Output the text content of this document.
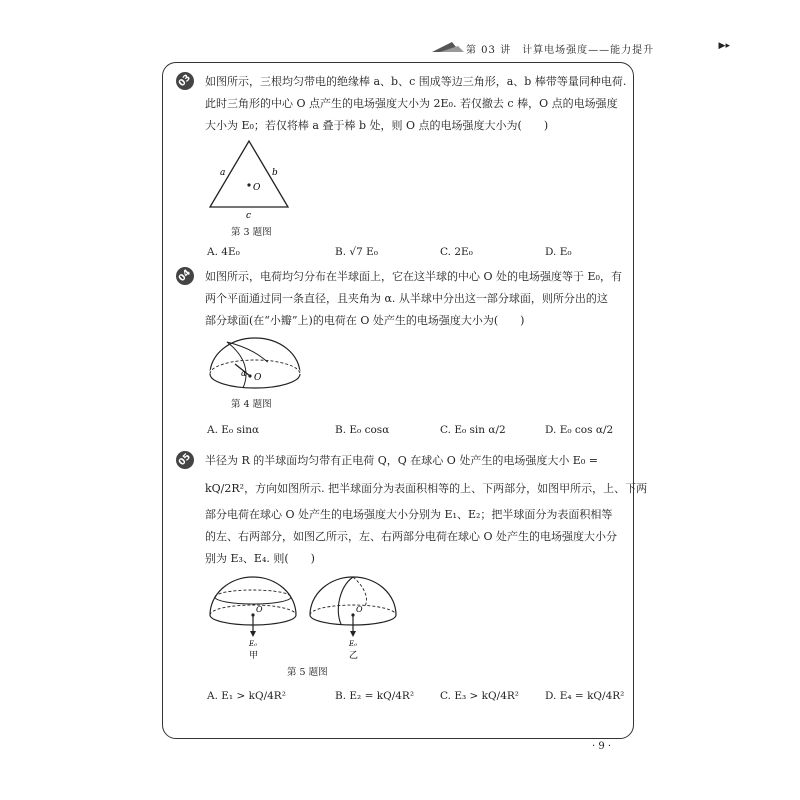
第 03 讲　计算电场强度——能力提升	▶▸
03	如图所示，三根均匀带电的绝缘棒 a、b、c 围成等边三角形，a、b 棒带等量同种电荷.
此时三角形的中心 O 点产生的电场强度大小为 2E₀. 若仅撤去 c 棒，O 点的电场强度
大小为 E₀；若仅将棒 a 叠于棒 b 处，则 O 点的电场强度大小为(　　)
O
a	b
c
第 3 题图
A. 4E₀	B. √7 E₀	C. 2E₀	D. E₀
04	如图所示，电荷均匀分布在半球面上，它在这半球的中心 O 处的电场强度等于 E₀，有
两个平面通过同一条直径，且夹角为 α. 从半球中分出这一部分球面，则所分出的这
部分球面(在“小瓣”上)的电荷在 O 处产生的电场强度大小为(　　)
α O
第 4 题图
A. E₀ sinα	B. E₀ cosα	C. E₀ sin α/2	D. E₀ cos α/2
05	半径为 R 的半球面均匀带有正电荷 Q，Q 在球心 O 处产生的电场强度大小 E₀ =
kQ/2R²，方向如图所示. 把半球面分为表面积相等的上、下两部分，如图甲所示，上、下两
部分电荷在球心 O 处产生的电场强度大小分别为 E₁、E₂；把半球面分为表面积相等
的左、右两部分，如图乙所示，左、右两部分电荷在球心 O 处产生的电场强度大小分
别为 E₃、E₄. 则(　　)
O
E₀
甲
O
E₀
乙
第 5 题图
A. E₁ > kQ/4R²	B. E₂ = kQ/4R² C. E₃ > kQ/4R² D. E₄ = kQ/4R²
· 9 ·
